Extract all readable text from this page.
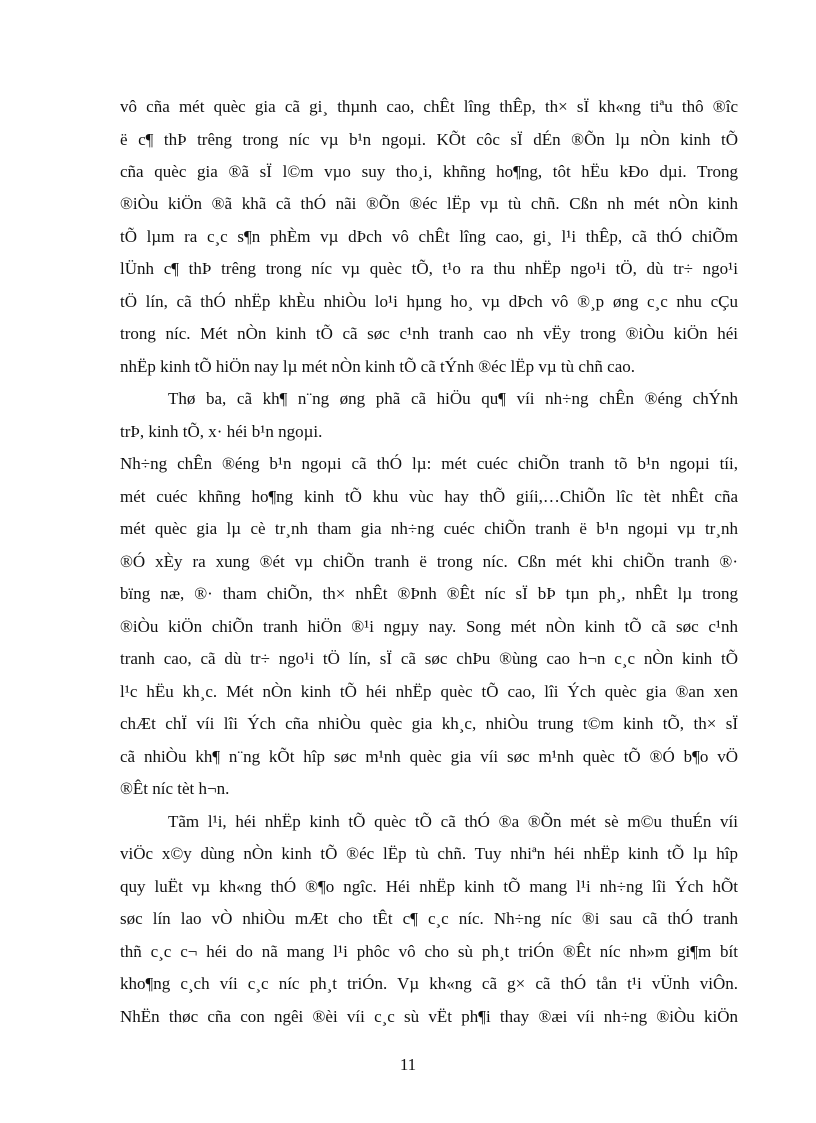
vô cña mét quèc gia cã gi¸ thµnh cao, chÊt lîng thÊp, th× sÏ kh«ng tiªu thô ®îc
ë c¶ thÞ trêng trong níc vµ b¹n ngoµi. KÕt côc sÏ dÉn ®Õn lµ nÒn kinh tÕ
cña quèc gia ®ã sÏ l©m vµo suy tho¸i, khñng ho¶ng, tôt hËu kÐo dµi. Trong
®iÒu kiÖn ®ã khã cã thÓ nãi ®Õn ®éc lËp vµ tù chñ. Cßn nh mét nÒn kinh
tÕ lµm ra c¸c s¶n phÈm vµ dÞch vô chÊt lîng cao, gi¸ l¹i thÊp, cã thÓ chiÕm
lÜnh c¶ thÞ trêng trong níc vµ quèc tÕ, t¹o ra thu nhËp ngo¹i tÖ, dù tr÷ ngo¹i
tÖ lín, cã thÓ nhËp khÈu nhiÒu lo¹i hµng ho¸ vµ dÞch vô ®¸p øng c¸c nhu cÇu
trong níc. Mét nÒn kinh tÕ cã søc c¹nh tranh cao nh vËy trong ®iÒu kiÖn héi
nhËp kinh tÕ hiÖn nay lµ mét nÒn kinh tÕ cã tÝnh ®éc lËp vµ tù chñ cao.
Thø ba, cã kh¶ n¨ng øng phã cã hiÖu qu¶ víi nh÷ng chÊn ®éng chÝnh
trÞ, kinh tÕ, x· héi b¹n ngoµi.
Nh÷ng chÊn ®éng b¹n ngoµi cã thÓ lµ: mét cuéc chiÕn tranh tõ b¹n ngoµi tíi,
mét cuéc khñng ho¶ng kinh tÕ khu vùc hay thÕ giíi,…ChiÕn lîc tèt nhÊt cña
mét quèc gia lµ cè tr¸nh tham gia nh÷ng cuéc chiÕn tranh ë b¹n ngoµi vµ tr¸nh
®Ó xÈy ra xung ®ét vµ chiÕn tranh ë trong níc. Cßn mét khi chiÕn tranh ®·
bïng næ, ®· tham chiÕn, th× nhÊt ®Þnh ®Êt níc sÏ bÞ tµn ph¸, nhÊt lµ trong
®iÒu kiÖn chiÕn tranh hiÖn ®¹i ngµy nay. Song mét nÒn kinh tÕ cã søc c¹nh
tranh cao, cã dù tr÷ ngo¹i tÖ lín, sÏ cã søc chÞu ®ùng cao h¬n c¸c nÒn kinh tÕ
l¹c hËu kh¸c. Mét nÒn kinh tÕ héi nhËp quèc tÕ cao, lîi Ých quèc gia ®an xen
chÆt chÏ víi lîi Ých cña nhiÒu quèc gia kh¸c, nhiÒu trung t©m kinh tÕ, th× sÏ
cã nhiÒu kh¶ n¨ng kÕt hîp søc m¹nh quèc gia víi søc m¹nh quèc tÕ ®Ó b¶o vÖ
®Êt níc tèt h¬n.
Tãm l¹i, héi nhËp kinh tÕ quèc tÕ cã thÓ ®a ®Õn mét sè m©u thuÉn víi
viÖc x©y dùng nÒn kinh tÕ ®éc lËp tù chñ. Tuy nhiªn héi nhËp kinh tÕ lµ hîp
quy luËt vµ kh«ng thÓ ®¶o ngîc. Héi nhËp kinh tÕ mang l¹i nh÷ng lîi Ých hÕt
søc lín lao vÒ nhiÒu mÆt cho tÊt c¶ c¸c níc. Nh÷ng níc ®i sau cã thÓ tranh
thñ c¸c c¬ héi do nã mang l¹i phôc vô cho sù ph¸t triÓn ®Êt níc nh»m gi¶m bít
kho¶ng c¸ch víi c¸c níc ph¸t triÓn. Vµ kh«ng cã g× cã thÓ tån t¹i vÜnh viÔn.
NhËn thøc cña con ngêi ®èi víi c¸c sù vËt ph¶i thay ®æi víi nh÷ng ®iÒu kiÖn
11
